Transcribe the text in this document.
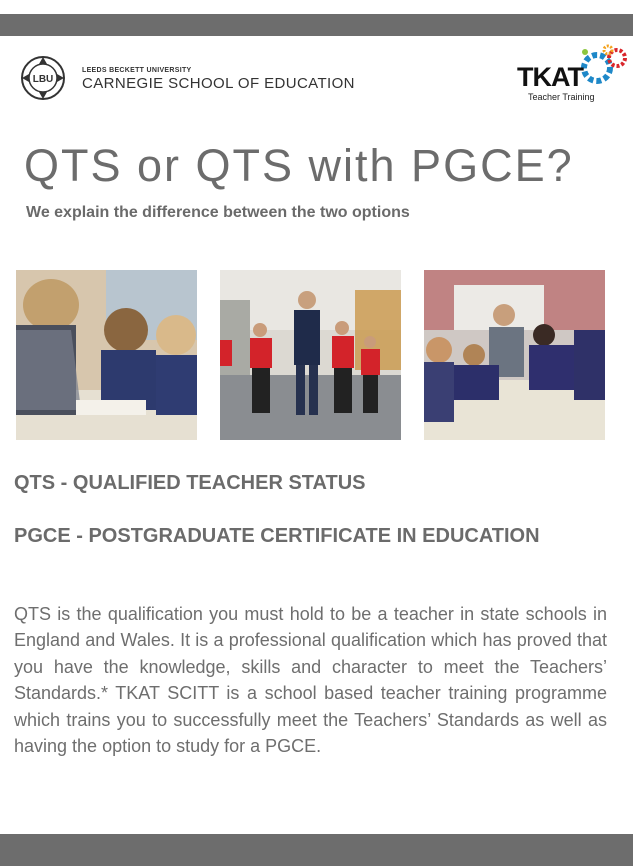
LBU
LEEDS BECKETT UNIVERSITY
CARNEGIE SCHOOL OF EDUCATION	TKAT
Teacher Training
QTS or QTS with PGCE?
We explain the difference between the two options
QTS - QUALIFIED TEACHER STATUS
PGCE - POSTGRADUATE CERTIFICATE IN EDUCATION
QTS is the qualification you must hold to be a teacher in state schools in England and Wales. It is a professional qualification which has proved that you have the knowledge, skills and character to meet the Teachers’ Standards.* TKAT SCITT is a school based teacher training programme which trains you to successfully meet the Teachers’ Standards as well as having the option to study for a PGCE.
